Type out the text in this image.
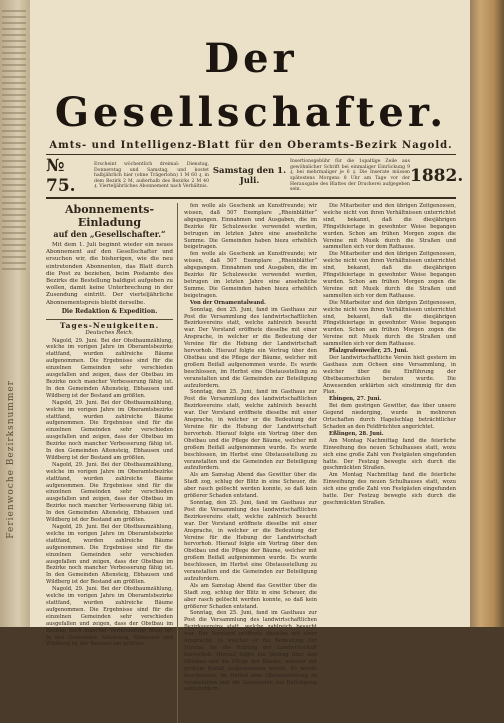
Ferienwoche Bezirksnummer
Der Gesellschafter.
Amts- und Intelligenz-Blatt für den Oberamts-Bezirk Nagold.
№ 75.
Erscheint wöchentlich dreimal: Dienstag, Donnerstag und Samstag, und kostet halbjährlich hier (ohne Trägerlohn) 1 M 60 ₰, in dem Bezirk 2 M, außerhalb des Bezirks 2 M 40 ₰. Vierteljährliches Abonnement nach Verhältnis.
Samstag den 1. Juli.
Insertionsgebühr für die 1spaltige Zeile aus gewöhnlicher Schrift bei einmaliger Einrückung 9 ₰, bei mehrmaliger je 6 ₰. Die Inserate müssen spätestens Morgens 8 Uhr am Tage vor der Herausgabe des Blattes der Druckerei aufgegeben sein.
1882.
Abonnements-Einladung
auf den „Gesellschafter.“

Mit dem 1. Juli beginnt wieder ein neues Abonnement auf den Gesellschafter und ersuchen wir, die bisherigen, wie die neu eintretenden Abonnenten, das Blatt durch die Post zu beziehen, beim Postamte des Bezirks die Bestellung baldigst aufgeben zu wollen, damit keine Unterbrechung in der Zusendung eintritt. Der vierteljährliche Abonnementspreis bleibt derselbe.

Die Redaktion & Expedition.
Tages-Neuigkeiten.
Deutsches Reich.

Nagold, 29. Juni. Bei der Obstbaumzählung, welche im vorigen Jahre im Oberamtsbezirke stattfand, wurden zahlreiche Bäume aufgenommen. Die Ergebnisse sind für die einzelnen Gemeinden sehr verschieden ausgefallen und zeigen, dass der Obstbau im Bezirke noch mancher Verbesserung fähig ist. In den Gemeinden Altensteig, Ebhausen und Wildberg ist der Bestand am größten.

Nagold, 29. Juni. Bei der Obstbaumzählung, welche im vorigen Jahre im Oberamtsbezirke stattfand, wurden zahlreiche Bäume aufgenommen. Die Ergebnisse sind für die einzelnen Gemeinden sehr verschieden ausgefallen und zeigen, dass der Obstbau im Bezirke noch mancher Verbesserung fähig ist. In den Gemeinden Altensteig, Ebhausen und Wildberg ist der Bestand am größten.

Nagold, 29. Juni. Bei der Obstbaumzählung, welche im vorigen Jahre im Oberamtsbezirke stattfand, wurden zahlreiche Bäume aufgenommen. Die Ergebnisse sind für die einzelnen Gemeinden sehr verschieden ausgefallen und zeigen, dass der Obstbau im Bezirke noch mancher Verbesserung fähig ist. In den Gemeinden Altensteig, Ebhausen und Wildberg ist der Bestand am größten.

Nagold, 29. Juni. Bei der Obstbaumzählung, welche im vorigen Jahre im Oberamtsbezirke stattfand, wurden zahlreiche Bäume aufgenommen. Die Ergebnisse sind für die einzelnen Gemeinden sehr verschieden ausgefallen und zeigen, dass der Obstbau im Bezirke noch mancher Verbesserung fähig ist. In den Gemeinden Altensteig, Ebhausen und Wildberg ist der Bestand am größten.

Nagold, 29. Juni. Bei der Obstbaumzählung, welche im vorigen Jahre im Oberamtsbezirke stattfand, wurden zahlreiche Bäume aufgenommen. Die Ergebnisse sind für die einzelnen Gemeinden sehr verschieden ausgefallen und zeigen, dass der Obstbau im Bezirke noch mancher Verbesserung fähig ist. In den Gemeinden Altensteig, Ebhausen und Wildberg ist der Bestand am größten.

fen wolle als Geschenk an Kunstfreunde; wir wissen, daß 507 Exemplare „Rheinblätter“ abgegangen. Einnahmen und Ausgaben, die im Bezirke für Schulzwecke verwendet wurden, betrugen im letzten Jahre eine ansehnliche Summe. Die Gemeinden haben hiezu erheblich beigetragen.

fen wolle als Geschenk an Kunstfreunde; wir wissen, daß 507 Exemplare „Rheinblätter“ abgegangen. Einnahmen und Ausgaben, die im Bezirke für Schulzwecke verwendet wurden, betrugen im letzten Jahre eine ansehnliche Summe. Die Gemeinden haben hiezu erheblich beigetragen.

Von der Ornamentalwand.

Sonntag, den 25. Juni, fand im Gasthaus zur Post die Versammlung des landwirtschaftlichen Bezirksvereins statt, welche zahlreich besucht war. Der Vorstand eröffnete dieselbe mit einer Ansprache, in welcher er die Bedeutung der Vereine für die Hebung der Landwirtschaft hervorhob. Hierauf folgte ein Vortrag über den Obstbau und die Pflege der Bäume, welcher mit großem Beifall aufgenommen wurde. Es wurde beschlossen, im Herbst eine Obstausstellung zu veranstalten und die Gemeinden zur Beteiligung aufzufordern.

Sonntag, den 25. Juni, fand im Gasthaus zur Post die Versammlung des landwirtschaftlichen Bezirksvereins statt, welche zahlreich besucht war. Der Vorstand eröffnete dieselbe mit einer Ansprache, in welcher er die Bedeutung der Vereine für die Hebung der Landwirtschaft hervorhob. Hierauf folgte ein Vortrag über den Obstbau und die Pflege der Bäume, welcher mit großem Beifall aufgenommen wurde. Es wurde beschlossen, im Herbst eine Obstausstellung zu veranstalten und die Gemeinden zur Beteiligung aufzufordern.

Als am Samstag Abend das Gewitter über die Stadt zog, schlug der Blitz in eine Scheuer, die aber rasch gelöscht werden konnte, so daß kein größerer Schaden entstand.

Sonntag, den 25. Juni, fand im Gasthaus zur Post die Versammlung des landwirtschaftlichen Bezirksvereins statt, welche zahlreich besucht war. Der Vorstand eröffnete dieselbe mit einer Ansprache, in welcher er die Bedeutung der Vereine für die Hebung der Landwirtschaft hervorhob. Hierauf folgte ein Vortrag über den Obstbau und die Pflege der Bäume, welcher mit großem Beifall aufgenommen wurde. Es wurde beschlossen, im Herbst eine Obstausstellung zu veranstalten und die Gemeinden zur Beteiligung aufzufordern.

Als am Samstag Abend das Gewitter über die Stadt zog, schlug der Blitz in eine Scheuer, die aber rasch gelöscht werden konnte, so daß kein größerer Schaden entstand.

Sonntag, den 25. Juni, fand im Gasthaus zur Post die Versammlung des landwirtschaftlichen Bezirksvereins statt, welche zahlreich besucht war. Der Vorstand eröffnete dieselbe mit einer Ansprache, in welcher er die Bedeutung der Vereine für die Hebung der Landwirtschaft hervorhob. Hierauf folgte ein Vortrag über den Obstbau und die Pflege der Bäume, welcher mit großem Beifall aufgenommen wurde. Es wurde beschlossen, im Herbst eine Obstausstellung zu veranstalten und die Gemeinden zur Beteiligung aufzufordern.

Die Mitarbeiter und den übrigen Zeitgenossen, welche nicht von ihren Verhältnissen unterrichtet sind, bekannt, daß die diesjährigen Pfingstfeiertage in gewohnter Weise begangen wurden. Schon am frühen Morgen zogen die Vereine mit Musik durch die Straßen und sammelten sich vor dem Rathause.

Die Mitarbeiter und den übrigen Zeitgenossen, welche nicht von ihren Verhältnissen unterrichtet sind, bekannt, daß die diesjährigen Pfingstfeiertage in gewohnter Weise begangen wurden. Schon am frühen Morgen zogen die Vereine mit Musik durch die Straßen und sammelten sich vor dem Rathause.

Die Mitarbeiter und den übrigen Zeitgenossen, welche nicht von ihren Verhältnissen unterrichtet sind, bekannt, daß die diesjährigen Pfingstfeiertage in gewohnter Weise begangen wurden. Schon am frühen Morgen zogen die Vereine mit Musik durch die Straßen und sammelten sich vor dem Rathause.

Pfalzgrafenweiler, 25. Juni.

Der landwirtschaftliche Verein hielt gestern im Gasthaus zum Ochsen eine Versammlung, in welcher über die Einführung der Obstbaumschulen beraten wurde. Die Anwesenden erklärten sich einstimmig für den Plan.

Ebingen, 27. Juni.

Bei dem gestrigen Gewitter, das über unsere Gegend niederging, wurde in mehreren Ortschaften durch Hagelschlag beträchtlicher Schaden an den Feldfrüchten angerichtet.

Eßlingen, 28. Juni.

Am Montag Nachmittag fand die feierliche Einweihung des neuen Schulhauses statt, wozu sich eine große Zahl von Festgästen eingefunden hatte. Der Festzug bewegte sich durch die geschmückten Straßen.

Am Montag Nachmittag fand die feierliche Einweihung des neuen Schulhauses statt, wozu sich eine große Zahl von Festgästen eingefunden hatte. Der Festzug bewegte sich durch die geschmückten Straßen.
